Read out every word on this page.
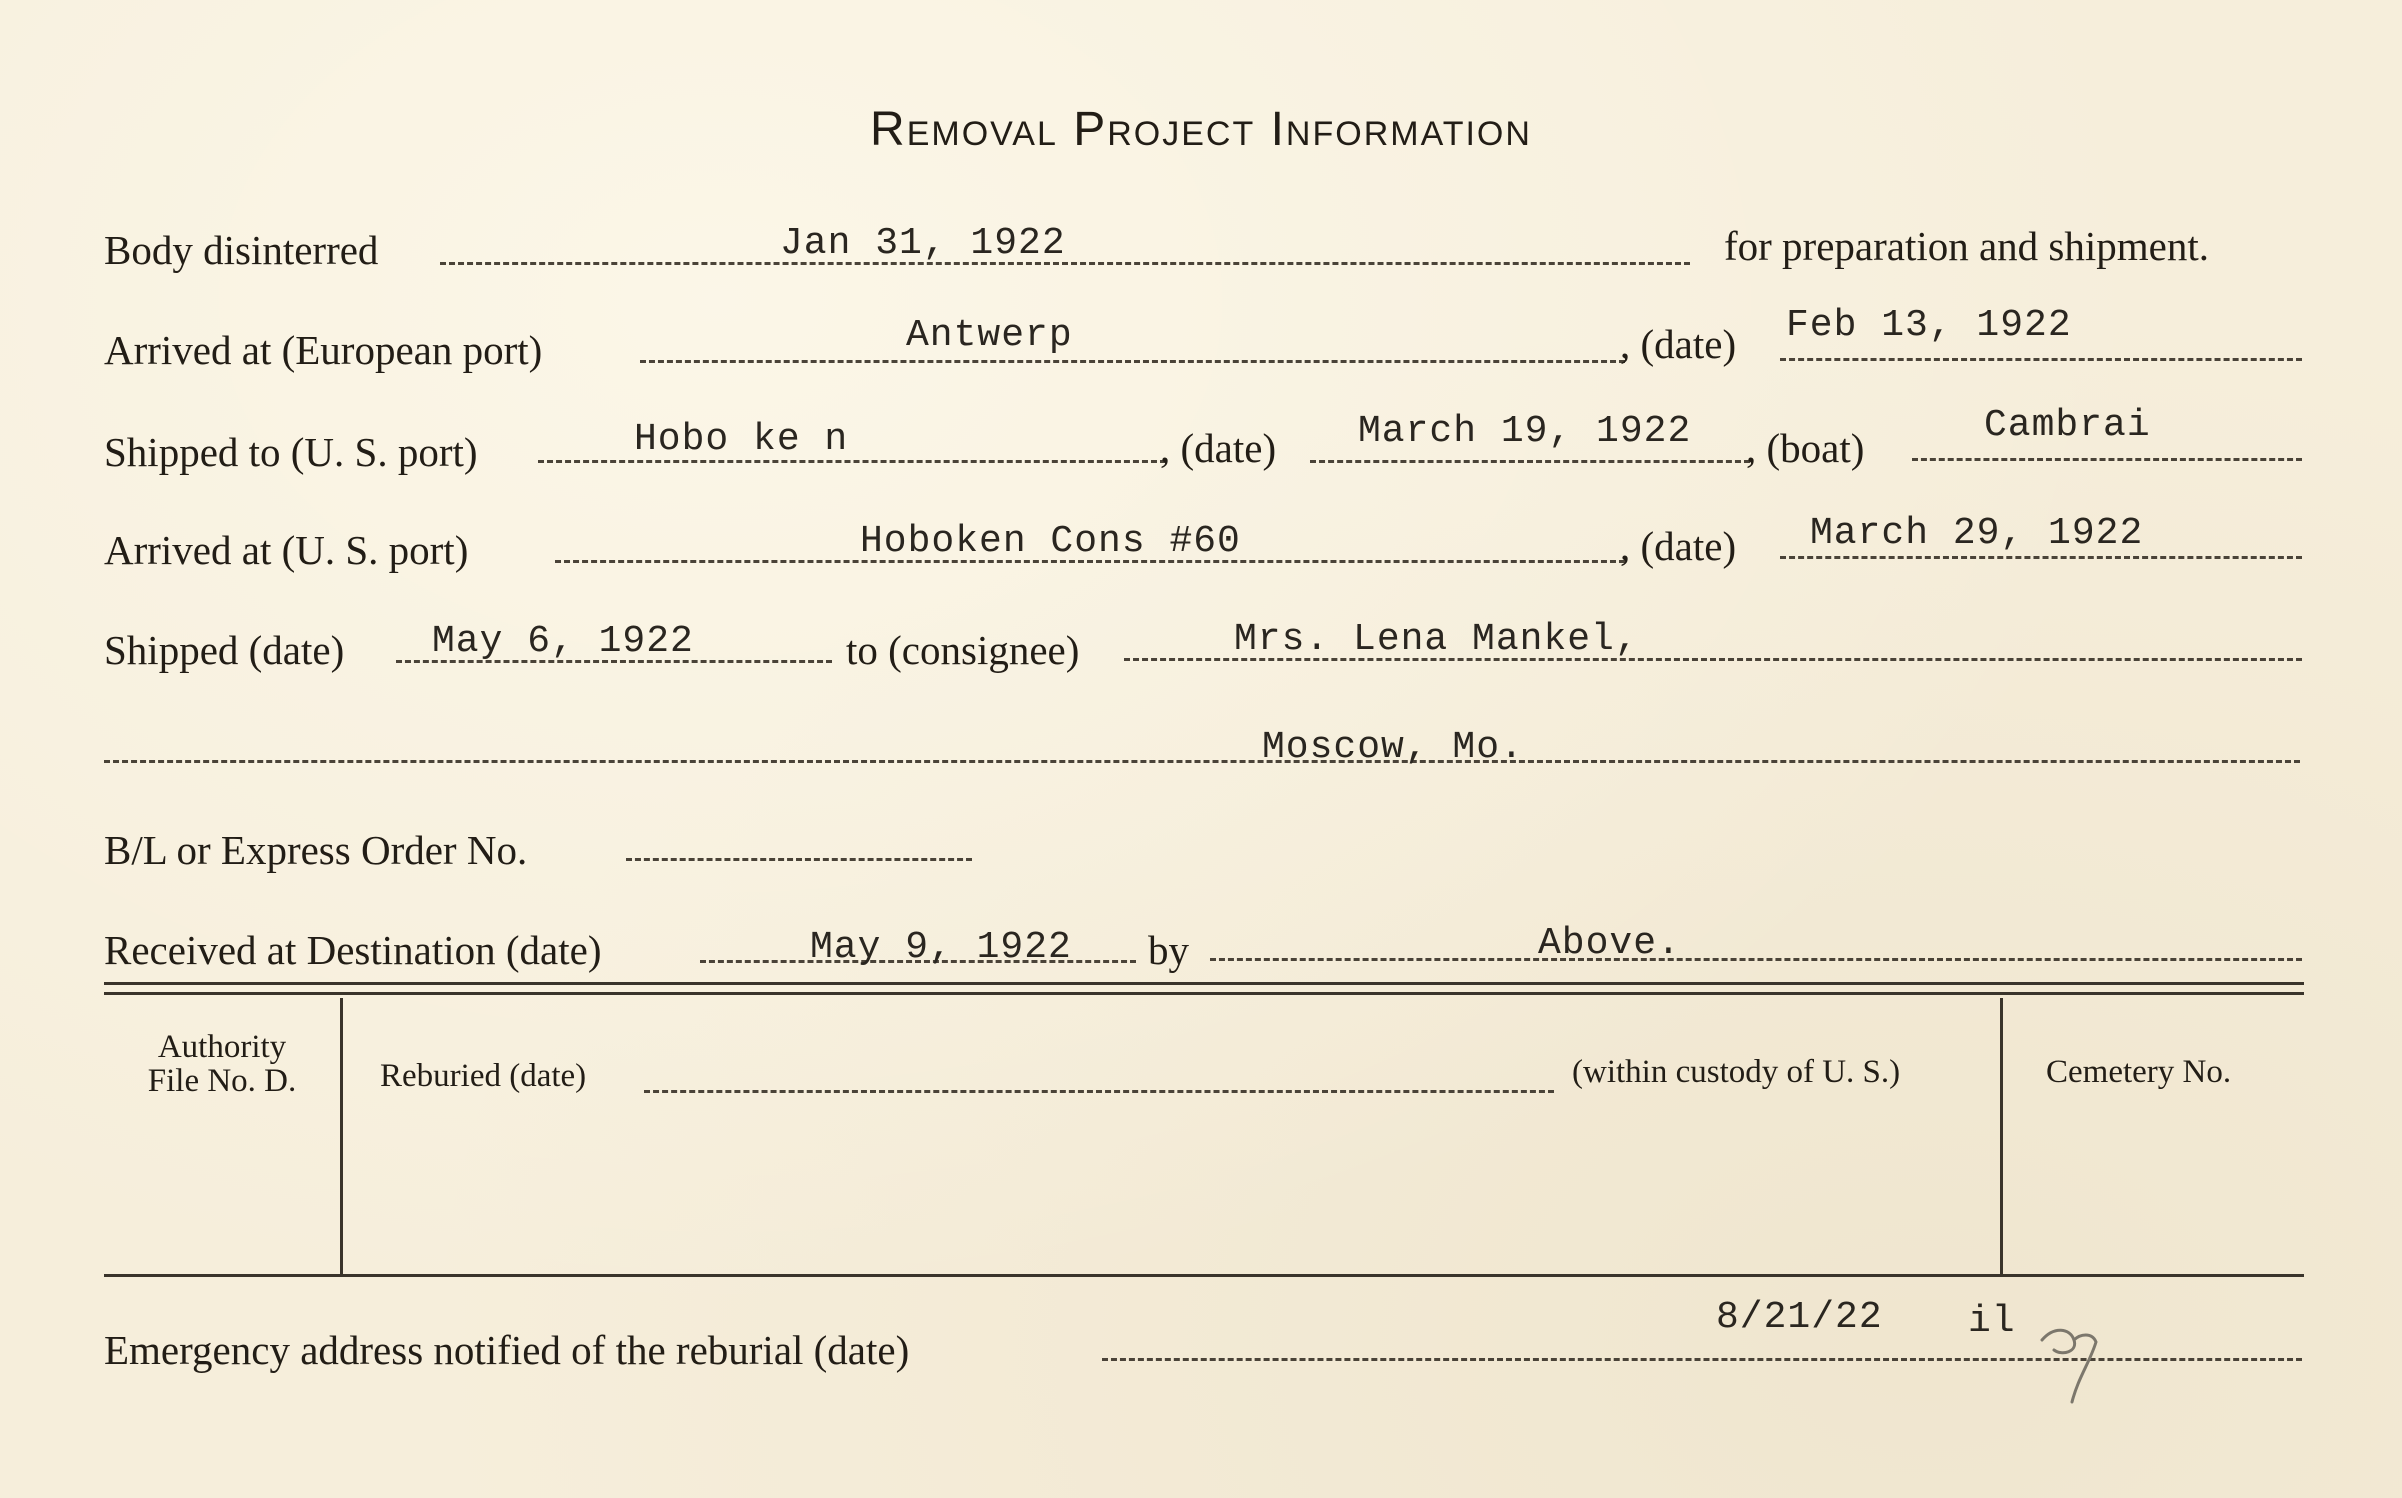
Removal Project Information
Body disinterred	Jan 31, 1922	for preparation and shipment.
Arrived at (European port)	Antwerp	, (date) Feb 13, 1922
Shipped to (U. S. port)	Hobo ke n	, (date) March 19, 1922 , (boat)	Cambrai
Arrived at (U. S. port)	Hoboken Cons #60	, (date) March 29, 1922
Shipped (date) May 6, 1922	to (consignee)	Mrs. Lena Mankel,
Moscow, Mo.
B/L or Express Order No.
Received at Destination (date)	May 9, 1922 by	Above.
Authority
File No. D.	Reburied (date)	(within custody of U. S.)	Cemetery No.
Emergency address notified of the reburial (date)
8/21/22 il
